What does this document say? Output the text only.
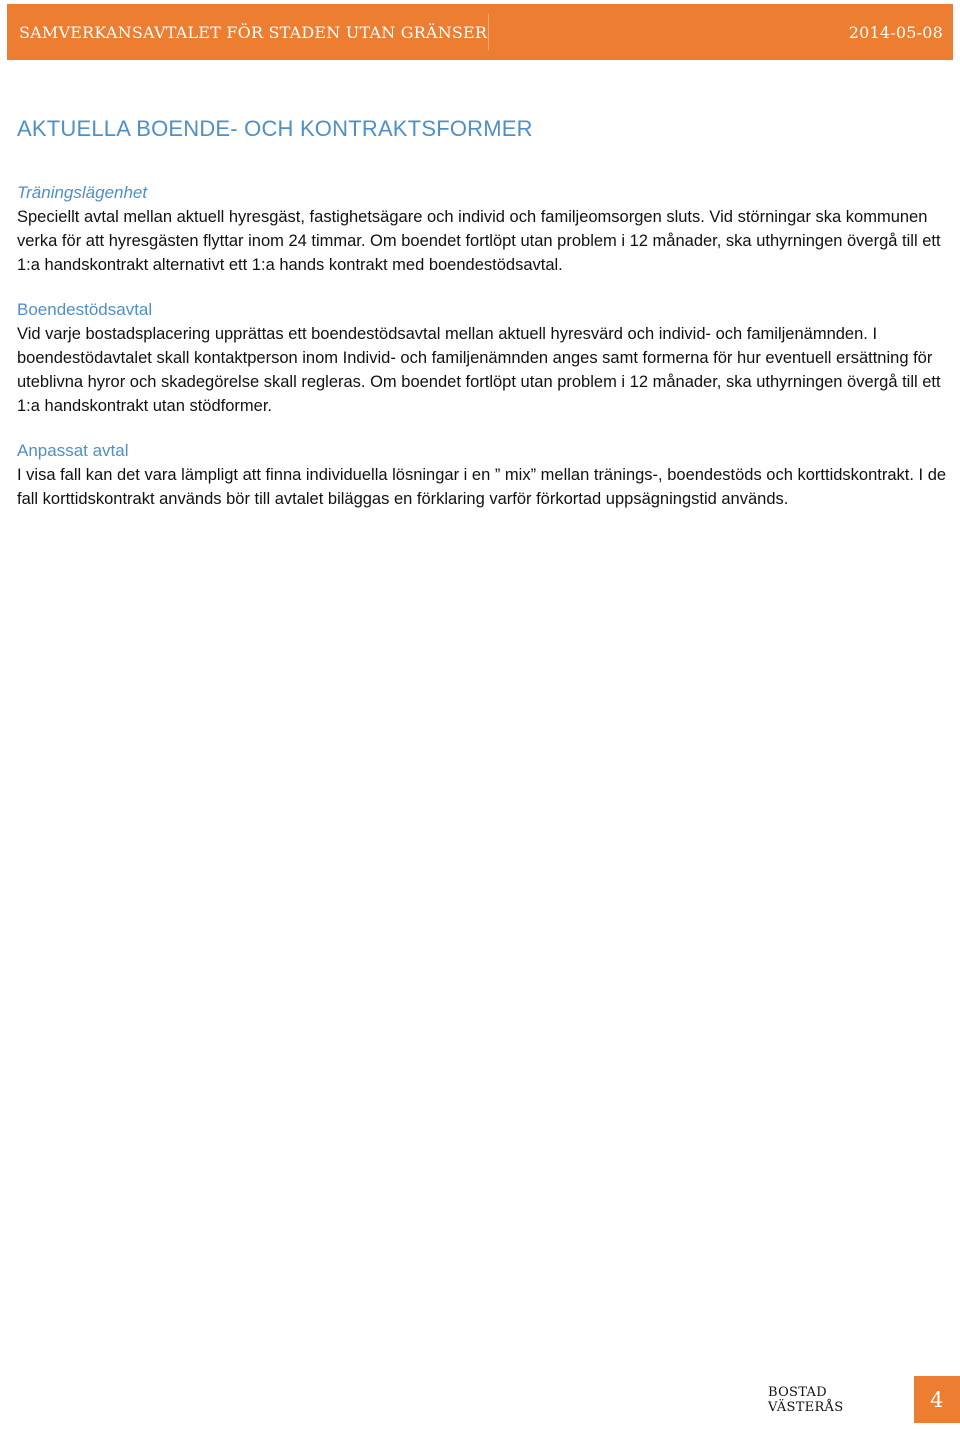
SAMVERKANSAVTALET FÖR STADEN UTAN GRÄNSER	2014-05-08
AKTUELLA BOENDE- OCH KONTRAKTSFORMER
Träningslägenhet

Speciellt avtal mellan aktuell hyresgäst, fastighetsägare och individ och familjeomsorgen sluts. Vid störningar ska kommunen verka för att hyresgästen flyttar inom 24 timmar. Om boendet fortlöpt utan problem i 12 månader, ska uthyrningen övergå till ett 1:a handskontrakt alternativt ett 1:a hands kontrakt med boendestödsavtal.

Boendestödsavtal

Vid varje bostadsplacering upprättas ett boendestödsavtal mellan aktuell hyresvärd och individ- och familjenämnden. I boendestödavtalet skall kontaktperson inom Individ- och familjenämnden anges samt formerna för hur eventuell ersättning för uteblivna hyror och skadegörelse skall regleras. Om boendet fortlöpt utan problem i 12 månader, ska uthyrningen övergå till ett 1:a handskontrakt utan stödformer.

Anpassat avtal

I visa fall kan det vara lämpligt att finna individuella lösningar i en ” mix” mellan tränings-, boendestöds och korttidskontrakt. I de fall korttidskontrakt används bör till avtalet biläggas en förklaring varför förkortad uppsägningstid används.

BOSTAD VÄSTERÅS	4
